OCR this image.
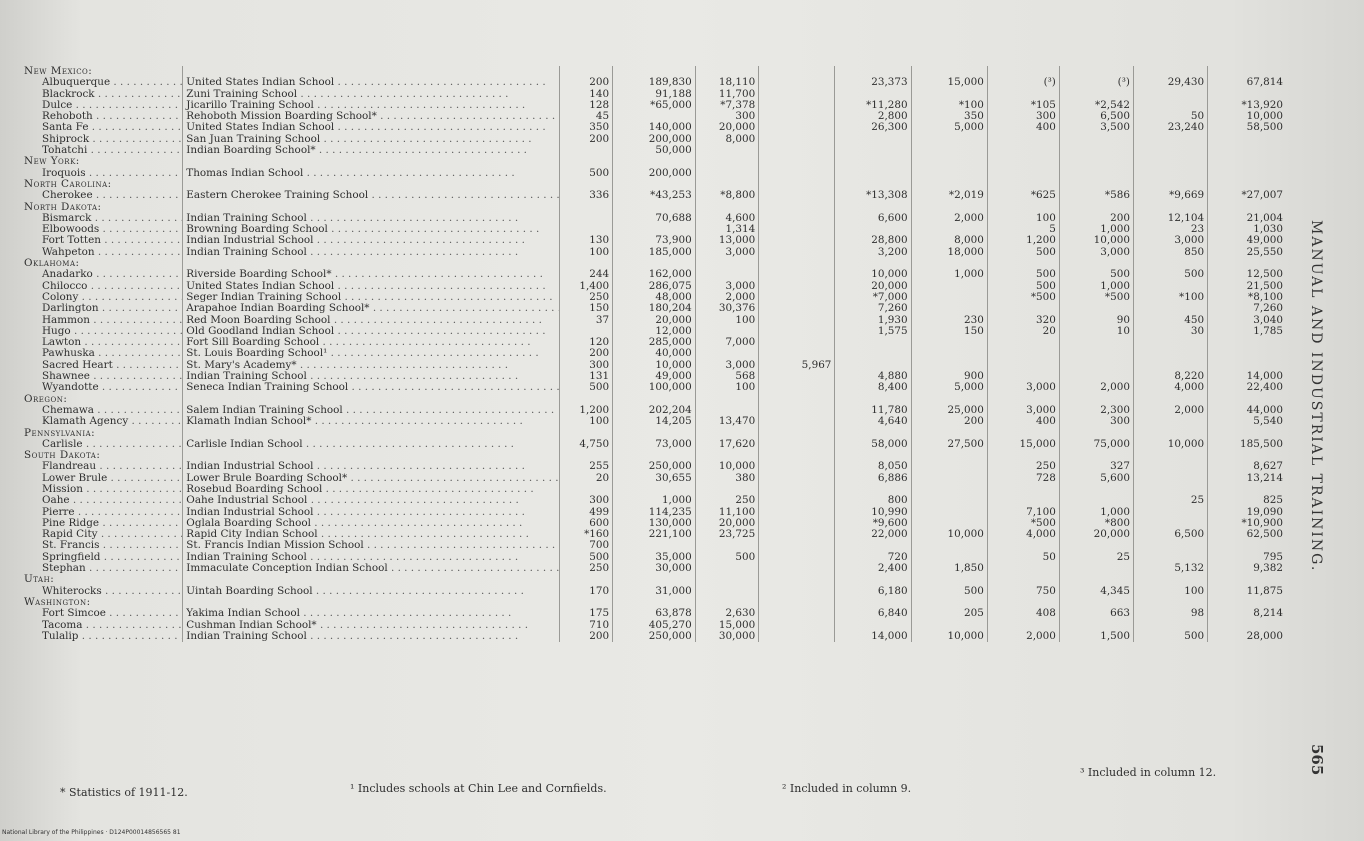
New Mexico:											
Albuquerque . . .	United States Indian School . . .	200	189,830	18,110		23,373	15,000	(³)	(³)	29,430	67,814
Blackrock . . .	Zuni Training School . . .	140	91,188	11,700							
Dulce . . .	Jicarillo Training School . . .	128	*65,000	*7,378		*11,280	*100	*105	*2,542		*13,920
Rehoboth . . .	Rehoboth Mission Boarding School* . . .	45		300		2,800	350	300	6,500	50	10,000
Santa Fe . . .	United States Indian School . . .	350	140,000	20,000		26,300	5,000	400	3,500	23,240	58,500
Shiprock . . .	San Juan Training School . . .	200	200,000	8,000							
Tohatchi . . .	Indian Boarding School* . . .		50,000								
New York:											
Iroquois . . .	Thomas Indian School . . .	500	200,000								
North Carolina:											
Cherokee . . .	Eastern Cherokee Training School . . .	336	*43,253	*8,800		*13,308	*2,019	*625	*586	*9,669	*27,007
North Dakota:											
Bismarck . . .	Indian Training School . . .		70,688	4,600		6,600	2,000	100	200	12,104	21,004
Elbowoods . . .	Browning Boarding School . . .			1,314				5	1,000	23	1,030
Fort Totten . . .	Indian Industrial School . . .	130	73,900	13,000		28,800	8,000	1,200	10,000	3,000	49,000
Wahpeton . . .	Indian Training School . . .	100	185,000	3,000		3,200	18,000	500	3,000	850	25,550
Oklahoma:											
Anadarko . . .	Riverside Boarding School* . . .	244	162,000			10,000	1,000	500	500	500	12,500
Chilocco . . .	United States Indian School . . .	1,400	286,075	3,000		20,000		500	1,000		21,500
Colony . . .	Seger Indian Training School . . .	250	48,000	2,000		*7,000		*500	*500	*100	*8,100
Darlington . . .	Arapahoe Indian Boarding School* . . .	150	180,204	30,376		7,260					7,260
Hammon . . .	Red Moon Boarding School . . .	37	20,000	100		1,930	230	320	90	450	3,040
Hugo . . .	Old Goodland Indian School . . .		12,000			1,575	150	20	10	30	1,785
Lawton . . .	Fort Sill Boarding School . . .	120	285,000	7,000							
Pawhuska . . .	St. Louis Boarding School¹ . . .	200	40,000								
Sacred Heart . . .	St. Mary's Academy* . . .	300	10,000	3,000	5,967						
Shawnee . . .	Indian Training School . . .	131	49,000	568		4,880	900			8,220	14,000
Wyandotte . . .	Seneca Indian Training School . . .	500	100,000	100		8,400	5,000	3,000	2,000	4,000	22,400
Oregon:											
Chemawa . . .	Salem Indian Training School . . .	1,200	202,204			11,780	25,000	3,000	2,300	2,000	44,000
Klamath Agency . . .	Klamath Indian School* . . .	100	14,205	13,470		4,640	200	400	300		5,540
Pennsylvania:											
Carlisle . . .	Carlisle Indian School . . .	4,750	73,000	17,620		58,000	27,500	15,000	75,000	10,000	185,500
South Dakota:											
Flandreau . . .	Indian Industrial School . . .	255	250,000	10,000		8,050		250	327		8,627
Lower Brule . . .	Lower Brule Boarding School* . . .	20	30,655	380		6,886		728	5,600		13,214
Mission . . .	Rosebud Boarding School . . .										
Oahe . . .	Oahe Industrial School . . .	300	1,000	250		800				25	825
Pierre . . .	Indian Industrial School . . .	499	114,235	11,100		10,990		7,100	1,000		19,090
Pine Ridge . . .	Oglala Boarding School . . .	600	130,000	20,000		*9,600		*500	*800		*10,900
Rapid City . . .	Rapid City Indian School . . .	*160	221,100	23,725		22,000	10,000	4,000	20,000	6,500	62,500
St. Francis . . .	St. Francis Indian Mission School . . .	700									
Springfield . . .	Indian Training School . . .	500	35,000	500		720		50	25		795
Stephan . . .	Immaculate Conception Indian School . . .	250	30,000			2,400	1,850			5,132	9,382
Utah:											
Whiterocks . . .	Uintah Boarding School . . .	170	31,000			6,180	500	750	4,345	100	11,875
Washington:											
Fort Simcoe . . .	Yakima Indian School . . .	175	63,878	2,630		6,840	205	408	663	98	8,214
Tacoma . . .	Cushman Indian School* . . .	710	405,270	15,000							
Tulalip . . .	Indian Training School . . .	200	250,000	30,000		14,000	10,000	2,000	1,500	500	28,000
* Statistics of 1911-12.	¹ Includes schools at Chin Lee and Cornfields.	² Included in column 9.
³ Included in column 12.
MANUAL AND INDUSTRIAL TRAINING.
565
National Library of the Philippines · D124P00014856565 81
